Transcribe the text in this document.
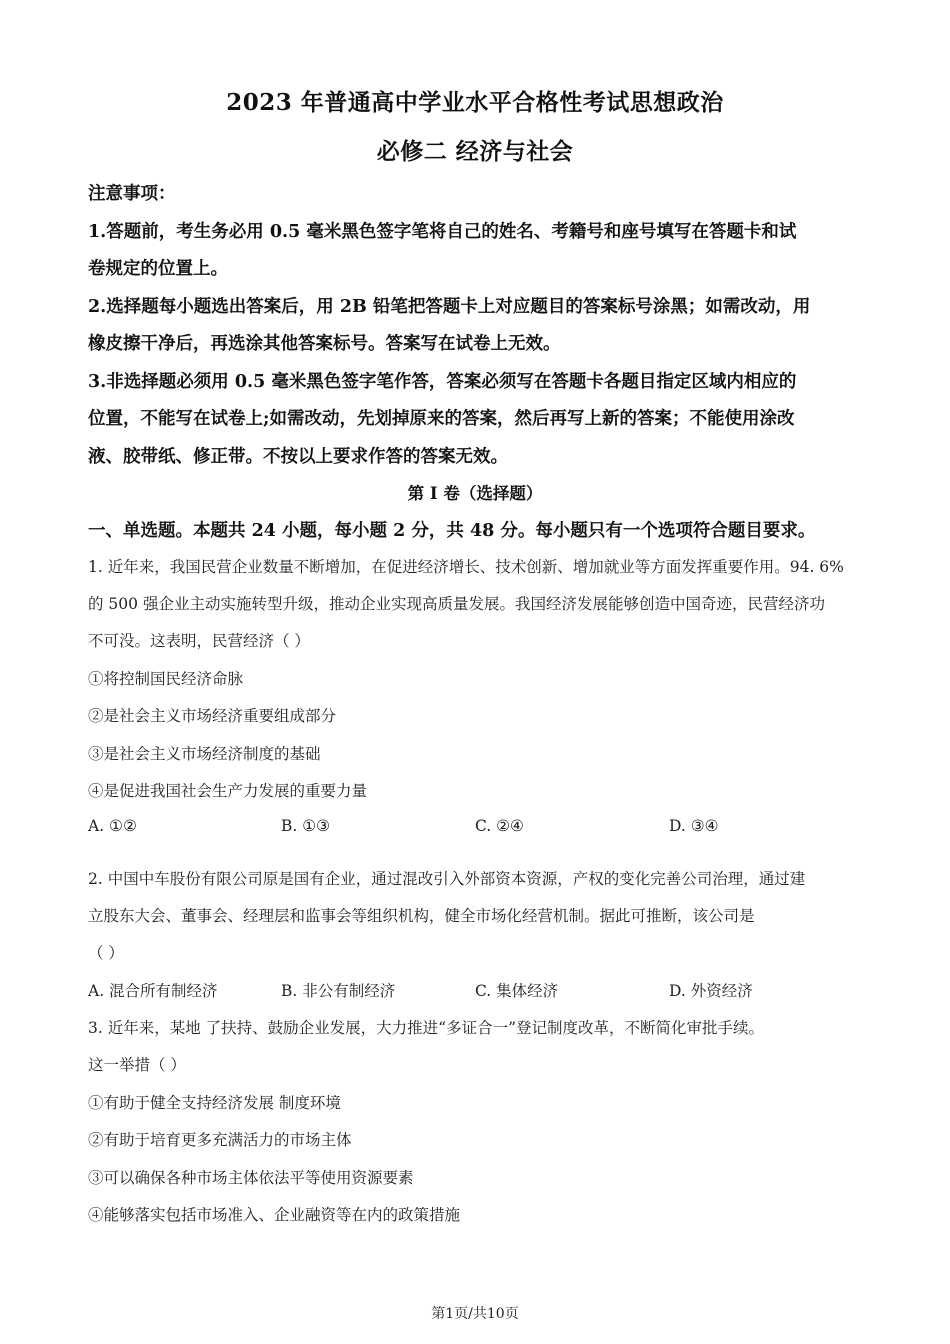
2023 年普通高中学业水平合格性考试思想政治
必修二 经济与社会
注意事项：
1.答题前，考生务必用 0.5 毫米黑色签字笔将自己的姓名、考籍号和座号填写在答题卡和试
卷规定的位置上。
2.选择题每小题选出答案后，用 2B 铅笔把答题卡上对应题目的答案标号涂黑；如需改动，用
橡皮擦干净后，再选涂其他答案标号。答案写在试卷上无效。
3.非选择题必须用 0.5 毫米黑色签字笔作答，答案必须写在答题卡各题目指定区域内相应的
位置，不能写在试卷上;如需改动，先划掉原来的答案，然后再写上新的答案；不能使用涂改
液、胶带纸、修正带。不按以上要求作答的答案无效。
第 I 卷（选择题）
一、单选题。本题共 24 小题，每小题 2 分，共 48 分。每小题只有一个选项符合题目要求。
1. 近年来，我国民营企业数量不断增加，在促进经济增长、技术创新、增加就业等方面发挥重要作用。94. 6%
的 500 强企业主动实施转型升级，推动企业实现高质量发展。我国经济发展能够创造中国奇迹，民营经济功
不可没。这表明，民营经济（ ）
①将控制国民经济命脉
②是社会主义市场经济重要组成部分
③是社会主义市场经济制度的基础
④是促进我国社会生产力发展的重要力量
A. ①②	B. ①③	C. ②④	D. ③④
2. 中国中车股份有限公司原是国有企业，通过混改引入外部资本资源，产权的变化完善公司治理，通过建
立股东大会、董事会、经理层和监事会等组织机构，健全市场化经营机制。据此可推断，该公司是
（ ）
A. 混合所有制经济	B. 非公有制经济	C. 集体经济	D. 外资经济
3. 近年来，某地 了扶持、鼓励企业发展，大力推进“多证合一”登记制度改革，不断简化审批手续。
这一举措（ ）
①有助于健全支持经济发展 制度环境
②有助于培育更多充满活力的市场主体
③可以确保各种市场主体依法平等使用资源要素
④能够落实包括市场准入、企业融资等在内的政策措施
第1页/共10页
